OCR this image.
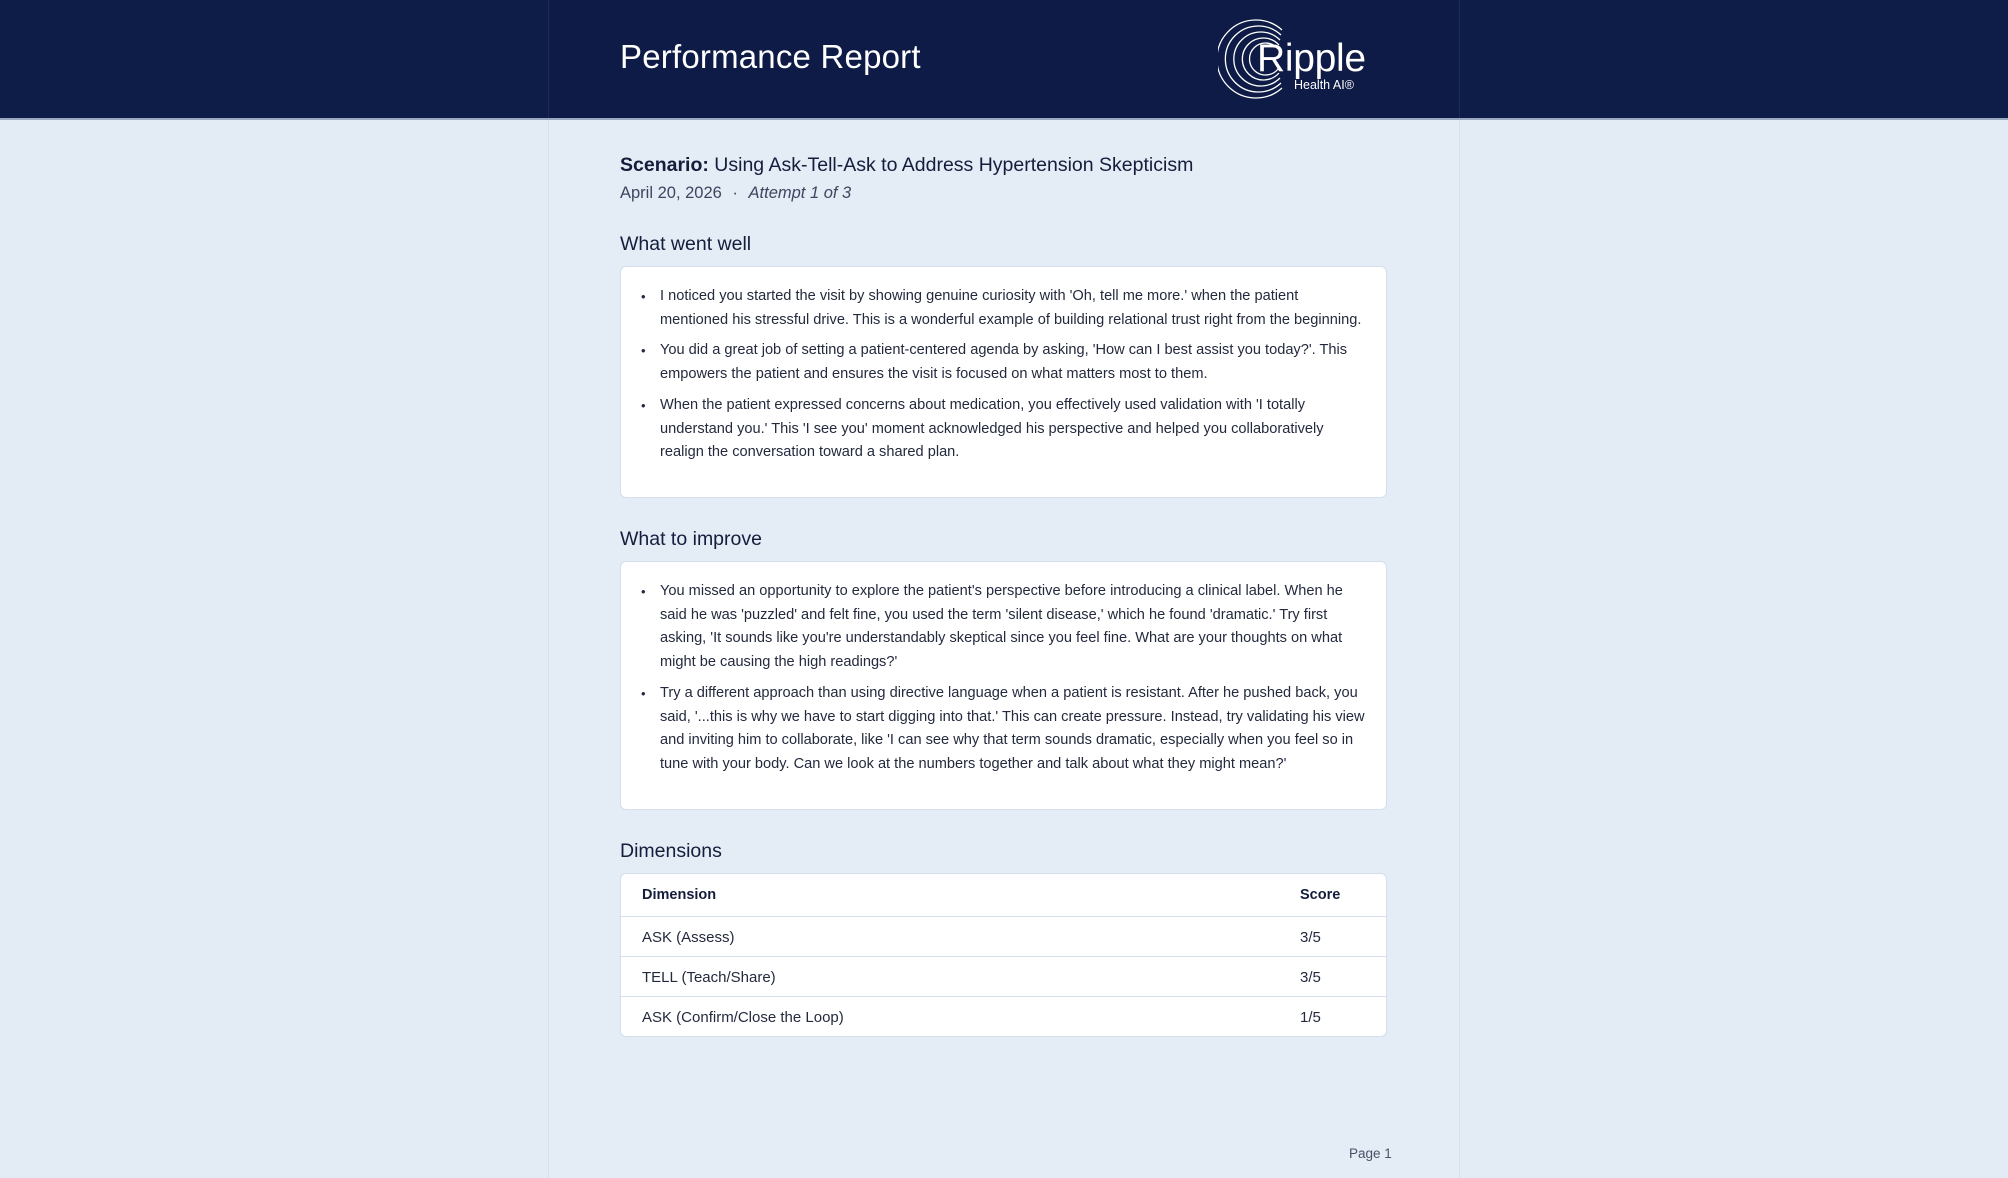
Performance Report	Ripple
Health AI®
Scenario: Using Ask-Tell-Ask to Address Hypertension Skepticism
April 20, 2026 · Attempt 1 of 3
What went well
• I noticed you started the visit by showing genuine curiosity with 'Oh, tell me more.' when the patient mentioned his stressful drive. This is a wonderful example of building relational trust right from the beginning.
• You did a great job of setting a patient-centered agenda by asking, 'How can I best assist you today?'. This empowers the patient and ensures the visit is focused on what matters most to them.
• When the patient expressed concerns about medication, you effectively used validation with 'I totally understand you.' This 'I see you' moment acknowledged his perspective and helped you collaboratively realign the conversation toward a shared plan.
What to improve
• You missed an opportunity to explore the patient's perspective before introducing a clinical label. When he said he was 'puzzled' and felt fine, you used the term 'silent disease,' which he found 'dramatic.' Try first asking, 'It sounds like you're understandably skeptical since you feel fine. What are your thoughts on what might be causing the high readings?'
• Try a different approach than using directive language when a patient is resistant. After he pushed back, you said, '...this is why we have to start digging into that.' This can create pressure. Instead, try validating his view and inviting him to collaborate, like 'I can see why that term sounds dramatic, especially when you feel so in tune with your body. Can we look at the numbers together and talk about what they might mean?'
Dimensions
Dimension	Score
ASK (Assess)	3/5
TELL (Teach/Share)	3/5
ASK (Confirm/Close the Loop)	1/5
Page 1
